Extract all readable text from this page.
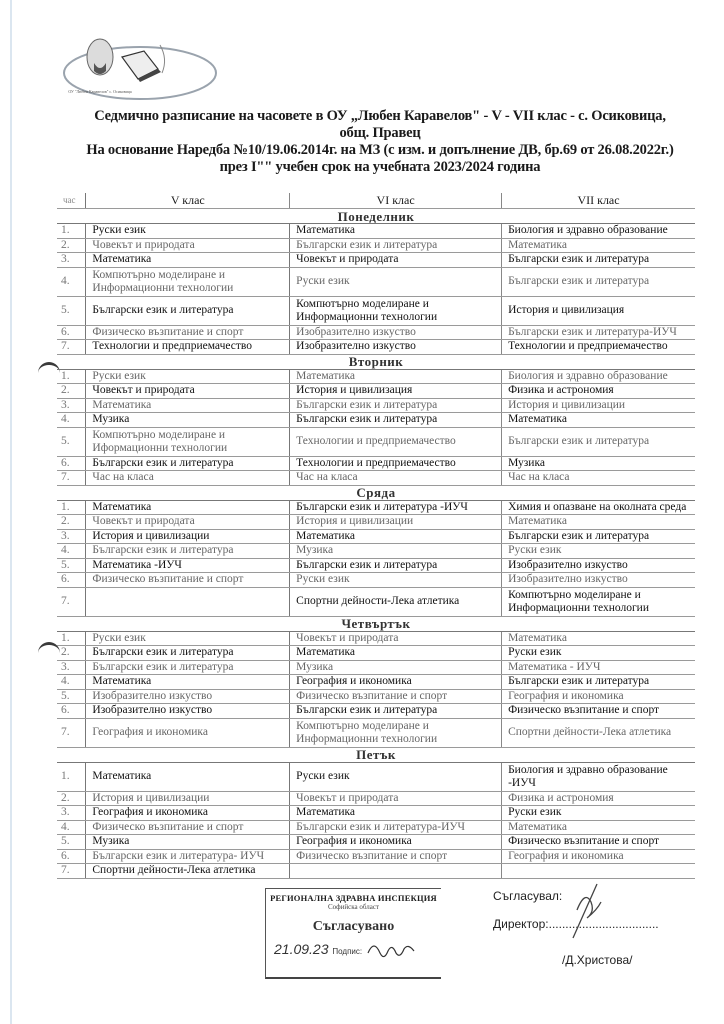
ОУ "Любен Каравелов" с. Осиковица
Седмично разписание на часовете в ОУ „Любен Каравелов" - V - VII клас - с. Осиковица,
общ. Правец
На основание Наредба №10/19.06.2014г. на МЗ (с изм. и допълнение ДВ, бр.69 от 26.08.2022г.)
през I"" учебен срок на учебната 2023/2024 година
час	V клас	VI клас	VII клас
Понеделник			
1.	Руски език	Математика	Биология и здравно образование
2.	Човекът и природата	Български език и литература	Математика
3.	Математика	Човекът и природата	Български език и литература
4.	Компютърно моделиране и Информационни технологии	Руски език	Български език и литература
5.	Български език и литература	Компютърно моделиране и Информационни технологии	История и цивилизация
6.	Физическо възпитание и спорт	Изобразително изкуство	Български език и литература-ИУЧ
7.	Технологии и предприемачество	Изобразително изкуство	Технологии и предприемачество
Вторник			
1.	Руски език	Математика	Биология и здравно образование
2.	Човекът и природата	История и цивилизация	Физика и астрономия
3.	Математика	Български език и литература	История и цивилизации
4.	Музика	Български език и литература	Математика
5.	Компютърно моделиране и Иформационни технологии	Технологии и предприемачество	Български език и литература
6.	Български език и литература	Технологии и предприемачество	Музика
7.	Час на класа	Час на класа	Час на класа
Сряда			
1.	Математика	Български език и литература -ИУЧ	Химия и опазване на околната среда
2.	Човекът и природата	История и цивилизации	Математика
3.	История и цивилизации	Математика	Български език и литература
4.	Български език и литература	Музика	Руски език
5.	Математика -ИУЧ	Български език и литература	Изобразително изкуство
6.	Физическо възпитание и спорт	Руски език	Изобразително изкуство
7.		Спортни дейности-Лека атлетика	Компютърно моделиране и Информационни технологии
Четвъртък			
1.	Руски език	Човекът и природата	Математика
2.	Български език и литература	Математика	Руски език
3.	Български език и литература	Музика	Математика - ИУЧ
4.	Математика	География и икономика	Български език и литература
5.	Изобразително изкуство	Физическо възпитание и спорт	География и икономика
6.	Изобразително изкуство	Български език и литература	Физическо възпитание и спорт
7.	География и икономика	Компютърно моделиране и Информационни технологии	Спортни дейности-Лека атлетика
Петък			
1.	Математика	Руски език	Биология и здравно образование -ИУЧ
2.	История и цивилизации	Човекът и природата	Физика и астрономия
3.	География и икономика	Математика	Руски език
4.	Физическо възпитание и спорт	Български език и литература-ИУЧ	Математика
5.	Музика	География и икономика	Физическо възпитание и спорт
6.	Български език и литература- ИУЧ	Физическо възпитание и спорт	География и икономика
7.	Спортни дейности-Лека атлетика		
РЕГИОНАЛНА ЗДРАВНА ИНСПЕКЦИЯ
Софийска област
Съгласувано
21.09.23 Подпис:
Съгласувал:
Директор:.................................
/Д.Христова/
